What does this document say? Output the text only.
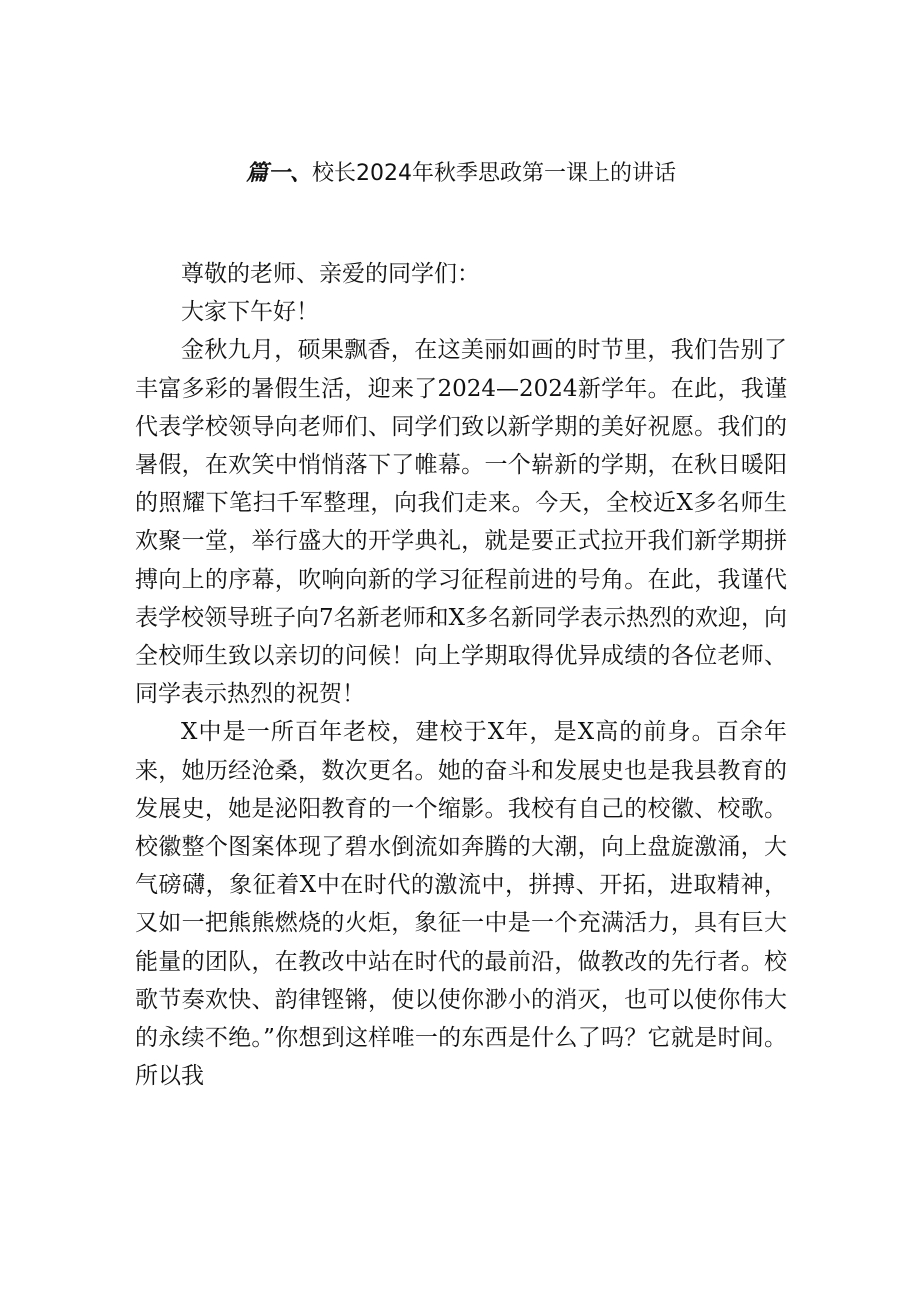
篇一、校长2024年秋季思政第一课上的讲话

尊敬的老师、亲爱的同学们：

大家下午好！

金秋九月，硕果飘香，在这美丽如画的时节里，我们告别了丰富多彩的暑假生活，迎来了2024—2024新学年。在此，我谨代表学校领导向老师们、同学们致以新学期的美好祝愿。我们的暑假，在欢笑中悄悄落下了帷幕。一个崭新的学期，在秋日暖阳的照耀下笔扫千军整理，向我们走来。今天，全校近X多名师生欢聚一堂，举行盛大的开学典礼，就是要正式拉开我们新学期拼搏向上的序幕，吹响向新的学习征程前进的号角。在此，我谨代表学校领导班子向7名新老师和X多名新同学表示热烈的欢迎，向全校师生致以亲切的问候！向上学期取得优异成绩的各位老师、同学表示热烈的祝贺！

X中是一所百年老校，建校于X年，是X高的前身。百余年来，她历经沧桑，数次更名。她的奋斗和发展史也是我县教育的发展史，她是泌阳教育的一个缩影。我校有自己的校徽、校歌。校徽整个图案体现了碧水倒流如奔腾的大潮，向上盘旋激涌，大气磅礴，象征着X中在时代的激流中，拼搏、开拓，进取精神，又如一把熊熊燃烧的火炬，象征一中是一个充满活力，具有巨大能量的团队，在教改中站在时代的最前沿，做教改的先行者。校歌节奏欢快、韵律铿锵，使以使你渺小的消灭，也可以使你伟大的永续不绝。”你想到这样唯一的东西是什么了吗？它就是时间。所以我
